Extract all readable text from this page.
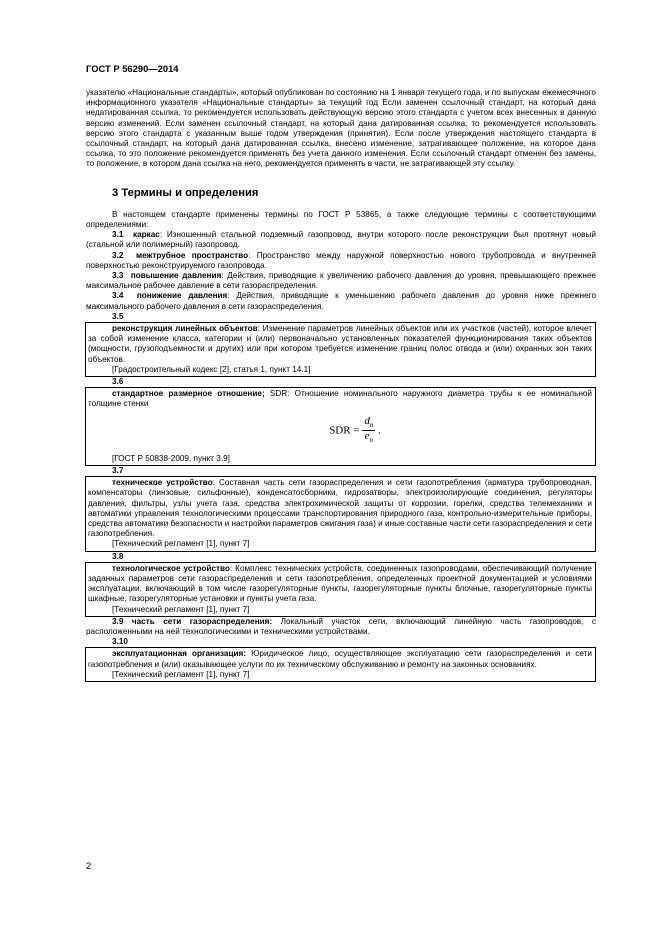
ГОСТ Р 56290—2014

указателю «Национальные стандарты», который опубликован по состоянию на 1 января текущего года, и по выпускам ежемесячного информационного указателя «Национальные стандарты» за текущий год Если заменен ссылочный стандарт, на который дана недатированная ссылка, то рекомендуется использовать действующую версию этого стандарта с учетом всех внесенных в данную версию изменений. Если заменен ссылочный стандарт, на который дана датированная ссылка, то рекомендуется использовать версию этого стандарта с указанным выше годом утверждения (принятия). Если после утверждения настоящего стандарта в ссылочный стандарт, на который дана датированная ссылка, внесено изменение, затрагивающее положение, на которое дана ссылка, то это положение рекомендуется применять без учета данного изменения. Если ссылочный стандарт отменен без замены, то положение, в котором дана ссылка на него, рекомендуется применять в части, не затрагивающей эту ссылку.

3 Термины и определения

В настоящем стандарте применены термины по ГОСТ Р 53865, а также следующие термины с соответствующими определениями:

3.1 каркас: Изношенный стальной подземный газопровод, внутри которого после реконструкции был протянут новый (стальной или полимерный) газопровод.

3.2 межтрубное пространство: Пространство между наружной поверхностью нового трубопровода и внутренней поверхностью реконструируемого газопровода.

3.3 повышение давления: Действия, приводящие к увеличению рабочего давления до уровня, превышающего прежнее максимальное рабочее давление в сети газораспределения.

3.4 понижение давления: Действия, приводящие к уменьшению рабочего давления до уровня ниже прежнего максимального рабочего давления в сети газораспределения.

3.5

реконструкция линейных объектов: Изменение параметров линейных объектов или их участков (частей), которое влечет за собой изменение класса, категории и (или) первоначально установленных показателей функционирования таких объектов (мощности, грузоподъемности и других) или при котором требуется изменение границ полос отвода и (или) охранных зон таких объектов.

[Градостроительный кодекс [2], статья 1, пункт 14.1]
3.6

стандартное размерное отношение; SDR: Отношение номинального наружного диаметра трубы к ее номинальной толщине стенки

SDR = $\frac{d_n}{e_n}$ .
[ГОСТ Р 50838-2009, пункт 3.9]
3.7

техническое устройство: Составная часть сети газораспределения и сети газопотребления (арматура трубопроводная, компенсаторы (линзовые, сильфонные), конденсатосборники, гидрозатворы, электроизолирующие соединения, регуляторы давления, фильтры, узлы учета газа, средства электрохимической защиты от коррозии, горелки, средства телемеханики и автоматики управления технологическими процессами транспортирования природного газа, контрольно-измерительные приборы, средства автоматики безопасности и настройки параметров сжигания газа) и иные составные части сети газораспределения и сети газопотребления.

[Технический регламент [1], пункт 7]
3.8

технологическое устройство: Комплекс технических устройств, соединенных газопроводами, обеспечивающий получение заданных параметров сети газораспределения и сети газопотребления, определенных проектной документацией и условиями эксплуатации, включающий в том числе газорегуляторные пункты, газорегуляторные пункты блочные, газорегуляторные пункты шкафные, газорегуляторные установки и пункты учета газа.

[Технический регламент [1], пункт 7]

3.9 часть сети газораспределения: Локальный участок сети, включающий линейную часть газопроводов, с расположенными на ней технологическими и техническими устройствами.

3.10

эксплуатационная организация: Юридическое лицо, осуществляющее эксплуатацию сети газораспределения и сети газопотребления и (или) оказывающее услуги по их техническому обслуживанию и ремонту на законных основаниях.

[Технический регламент [1], пункт 7]
2
